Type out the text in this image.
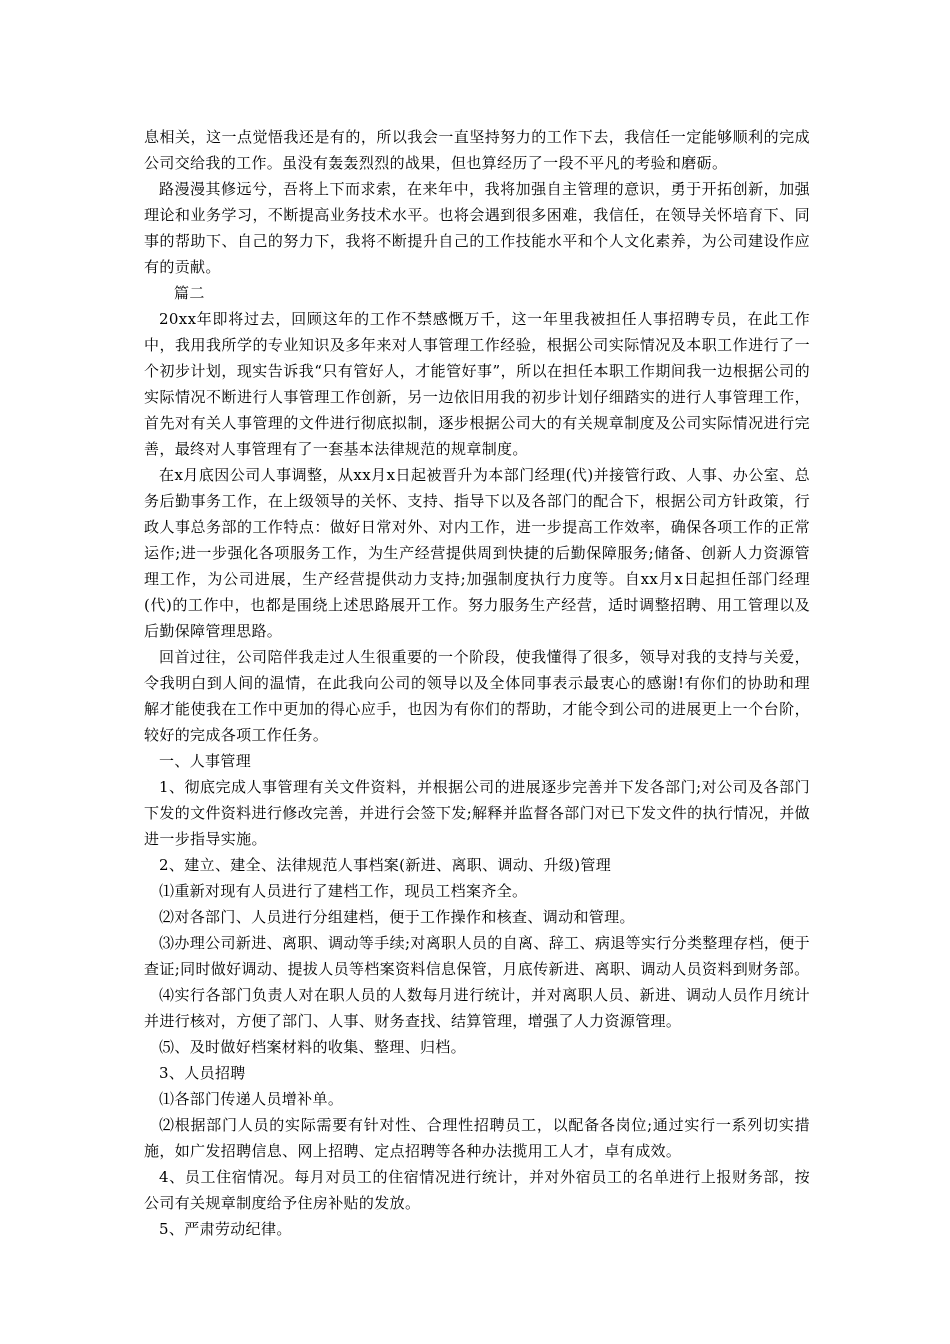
息相关，这一点觉悟我还是有的，所以我会一直坚持努力的工作下去，我信任一定能够顺利的完成公司交给我的工作。虽没有轰轰烈烈的战果，但也算经历了一段不平凡的考验和磨砺。

路漫漫其修远兮，吾将上下而求索，在来年中，我将加强自主管理的意识，勇于开拓创新，加强理论和业务学习，不断提高业务技术水平。也将会遇到很多困难，我信任，在领导关怀培育下、同事的帮助下、自己的努力下，我将不断提升自己的工作技能水平和个人文化素养，为公司建设作应有的贡献。

篇二

20xx年即将过去，回顾这年的工作不禁感慨万千，这一年里我被担任人事招聘专员，在此工作中，我用我所学的专业知识及多年来对人事管理工作经验，根据公司实际情况及本职工作进行了一个初步计划，现实告诉我“只有管好人，才能管好事”，所以在担任本职工作期间我一边根据公司的实际情况不断进行人事管理工作创新，另一边依旧用我的初步计划仔细踏实的进行人事管理工作，首先对有关人事管理的文件进行彻底拟制，逐步根据公司大的有关规章制度及公司实际情况进行完善，最终对人事管理有了一套基本法律规范的规章制度。

在x月底因公司人事调整，从xx月x日起被晋升为本部门经理(代)并接管行政、人事、办公室、总务后勤事务工作，在上级领导的关怀、支持、指导下以及各部门的配合下，根据公司方针政策，行政人事总务部的工作特点：做好日常对外、对内工作，进一步提高工作效率，确保各项工作的正常运作;进一步强化各项服务工作，为生产经营提供周到快捷的后勤保障服务;储备、创新人力资源管理工作，为公司进展，生产经营提供动力支持;加强制度执行力度等。自xx月x日起担任部门经理(代)的工作中，也都是围绕上述思路展开工作。努力服务生产经营，适时调整招聘、用工管理以及后勤保障管理思路。

回首过往，公司陪伴我走过人生很重要的一个阶段，使我懂得了很多，领导对我的支持与关爱，令我明白到人间的温情，在此我向公司的领导以及全体同事表示最衷心的感谢!有你们的协助和理解才能使我在工作中更加的得心应手，也因为有你们的帮助，才能令到公司的进展更上一个台阶，较好的完成各项工作任务。

一、人事管理

1、彻底完成人事管理有关文件资料，并根据公司的进展逐步完善并下发各部门;对公司及各部门下发的文件资料进行修改完善，并进行会签下发;解释并监督各部门对已下发文件的执行情况，并做进一步指导实施。

2、建立、建全、法律规范人事档案(新进、离职、调动、升级)管理

⑴重新对现有人员进行了建档工作，现员工档案齐全。

⑵对各部门、人员进行分组建档，便于工作操作和核查、调动和管理。

⑶办理公司新进、离职、调动等手续;对离职人员的自离、辞工、病退等实行分类整理存档，便于查证;同时做好调动、提拔人员等档案资料信息保管，月底传新进、离职、调动人员资料到财务部。

⑷实行各部门负责人对在职人员的人数每月进行统计，并对离职人员、新进、调动人员作月统计并进行核对，方便了部门、人事、财务查找、结算管理，增强了人力资源管理。

⑸、及时做好档案材料的收集、整理、归档。

3、人员招聘

⑴各部门传递人员增补单。

⑵根据部门人员的实际需要有针对性、合理性招聘员工，以配备各岗位;通过实行一系列切实措施，如广发招聘信息、网上招聘、定点招聘等各种办法揽用工人才，卓有成效。

4、员工住宿情况。每月对员工的住宿情况进行统计，并对外宿员工的名单进行上报财务部，按公司有关规章制度给予住房补贴的发放。

5、严肃劳动纪律。
